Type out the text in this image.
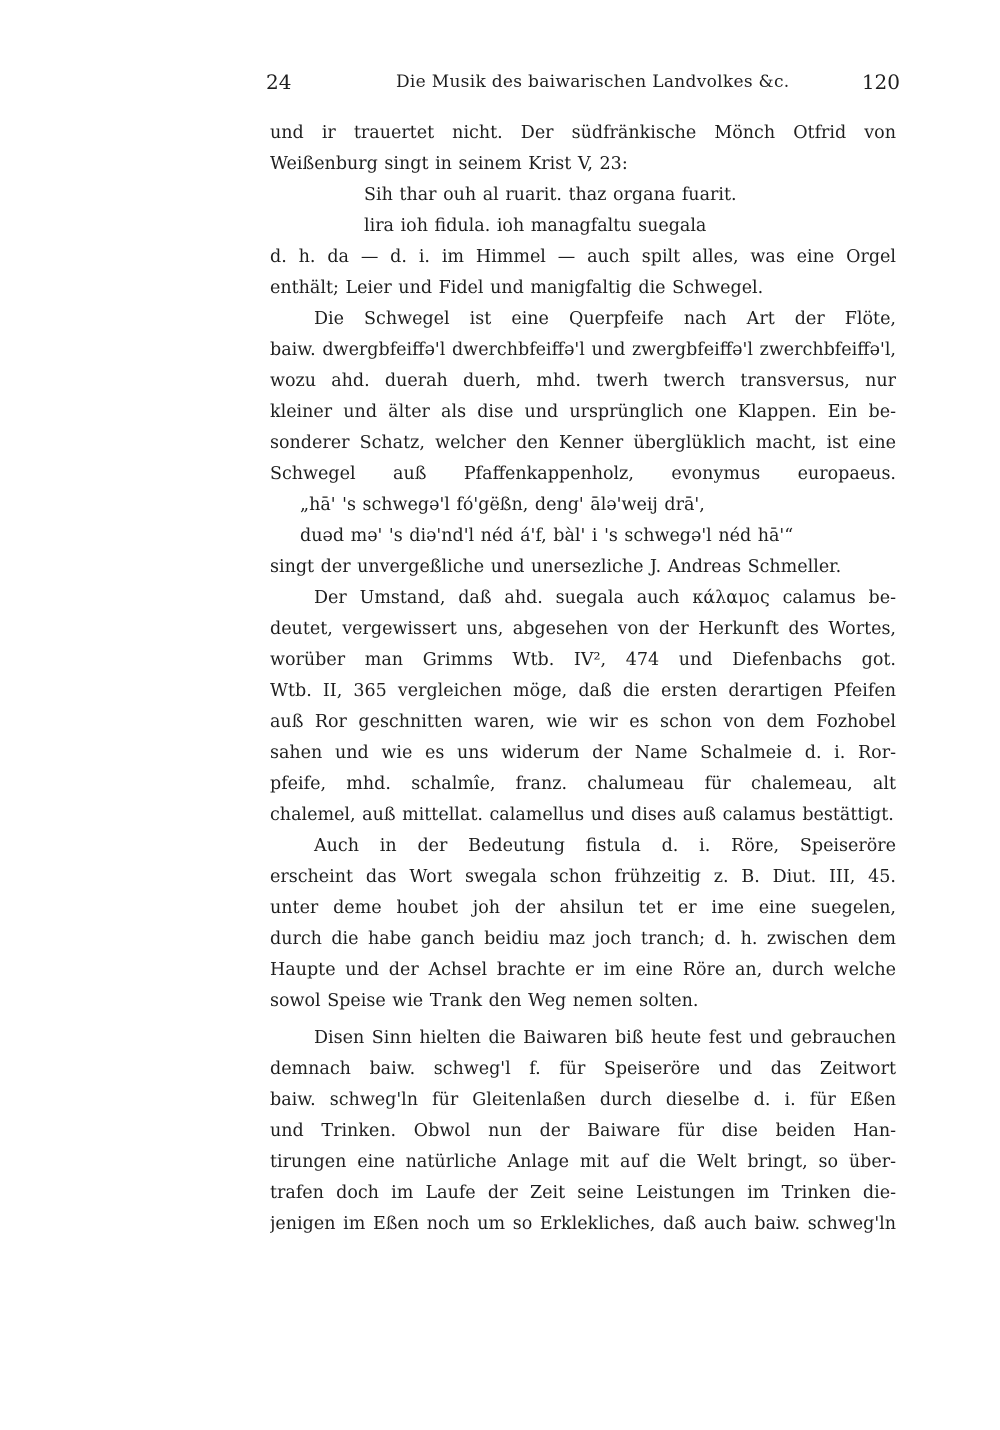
24	Die Musik des baiwarischen Landvolkes &c.	120
und ir trauertet nicht. Der südfränkische Mönch Otfrid von
Weißenburg singt in seinem Krist V, 23:
Sih thar ouh al ruarit. thaz organa fuarit.
lira ioh fidula. ioh managfaltu suegala
d. h. da — d. i. im Himmel — auch spilt alles, was eine Orgel
enthält; Leier und Fidel und manigfaltig die Schwegel.
Die Schwegel ist eine Querpfeife nach Art der Flöte,
baiw. dwergbfeiffə'l dwerchbfeiffə'l und zwergbfeiffə'l zwerchbfeiffə'l,
wozu ahd. duerah duerh, mhd. twerh twerch transversus, nur
kleiner und älter als dise und ursprünglich one Klappen. Ein be-
sonderer Schatz, welcher den Kenner überglüklich macht, ist eine
Schwegel auß Pfaffenkappenholz, evonymus europaeus.
„hā' 's schwegə'l fó'gëßn, deng' ālə'weij drā',
duəd mə' 's diə'nd'l néd á'f, bàl' i 's schwegə'l néd hā'“
singt der unvergeßliche und unersezliche J. Andreas Schmeller.
Der Umstand, daß ahd. suegala auch κάλαμος calamus be-
deutet, vergewissert uns, abgesehen von der Herkunft des Wortes,
worüber man Grimms Wtb. IV², 474 und Diefenbachs got.
Wtb. II, 365 vergleichen möge, daß die ersten derartigen Pfeifen
auß Ror geschnitten waren, wie wir es schon von dem Fozhobel
sahen und wie es uns widerum der Name Schalmeie d. i. Ror-
pfeife, mhd. schalmîe, franz. chalumeau für chalemeau, alt
chalemel, auß mittellat. calamellus und dises auß calamus bestättigt.
Auch in der Bedeutung fistula d. i. Röre, Speiseröre
erscheint das Wort swegala schon frühzeitig z. B. Diut. III, 45.
unter deme houbet joh der ahsilun tet er ime eine suegelen,
durch die habe ganch beidiu maz joch tranch; d. h. zwischen dem
Haupte und der Achsel brachte er im eine Röre an, durch welche
sowol Speise wie Trank den Weg nemen solten.
Disen Sinn hielten die Baiwaren biß heute fest und gebrauchen
demnach baiw. schweg'l f. für Speiseröre und das Zeitwort
baiw. schweg'ln für Gleitenlaßen durch dieselbe d. i. für Eßen
und Trinken. Obwol nun der Baiware für dise beiden Han-
tirungen eine natürliche Anlage mit auf die Welt bringt, so über-
trafen doch im Laufe der Zeit seine Leistungen im Trinken die-
jenigen im Eßen noch um so Erklekliches, daß auch baiw. schweg'ln
